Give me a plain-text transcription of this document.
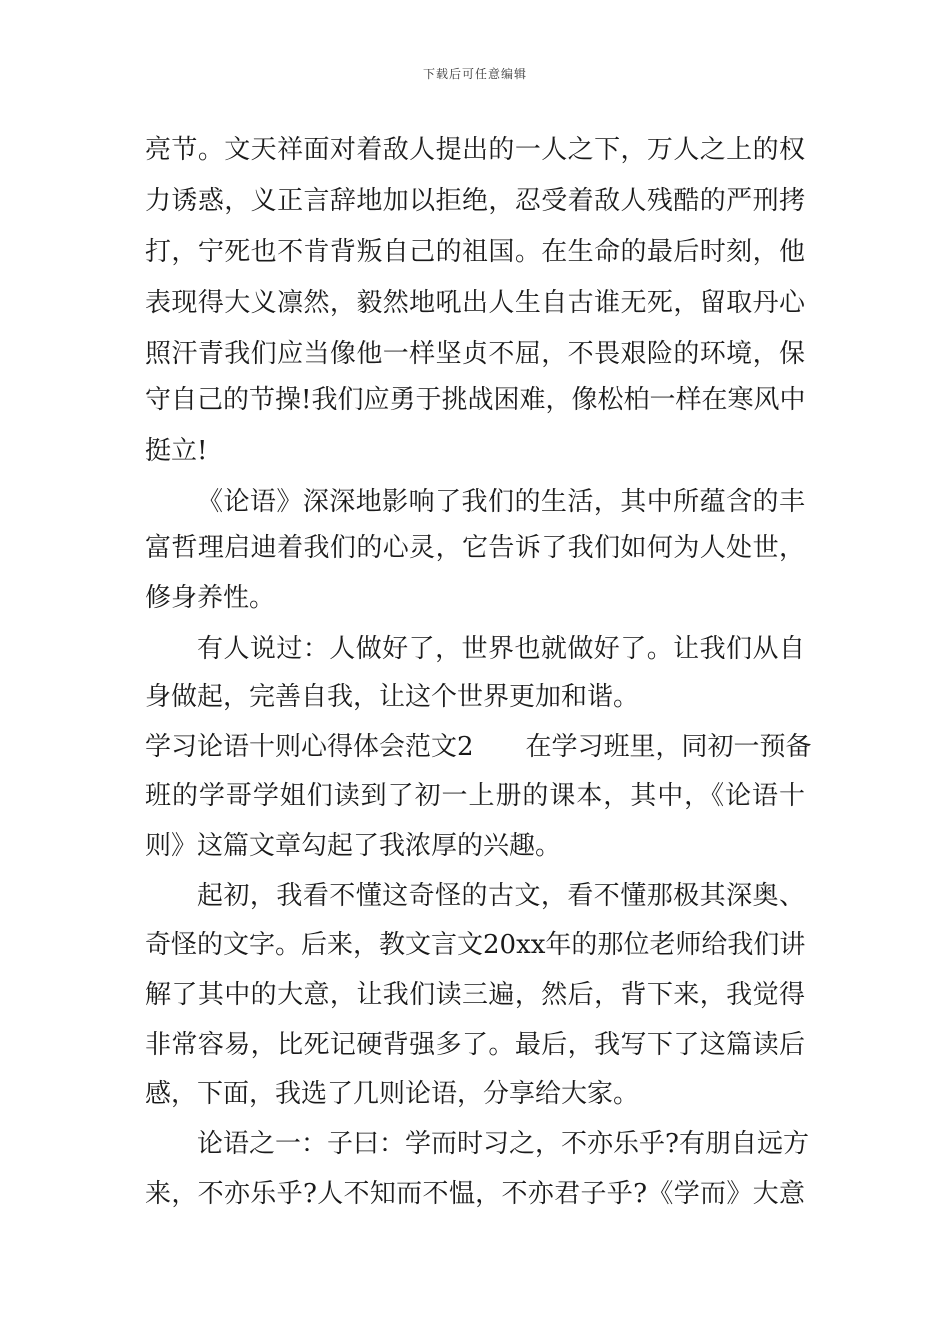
下载后可任意编辑
亮节。文天祥面对着敌人提出的一人之下，万人之上的权
力诱惑，义正言辞地加以拒绝，忍受着敌人残酷的严刑拷
打，宁死也不肯背叛自己的祖国。在生命的最后时刻，他
表现得大义凛然，毅然地吼出人生自古谁无死，留取丹心
照汗青我们应当像他一样坚贞不屈，不畏艰险的环境，保
守自己的节操!我们应勇于挑战困难，像松柏一样在寒风中
挺立!
《论语》深深地影响了我们的生活，其中所蕴含的丰
富哲理启迪着我们的心灵，它告诉了我们如何为人处世，
修身养性。
有人说过：人做好了，世界也就做好了。让我们从自
身做起，完善自我，让这个世界更加和谐。
学习论语十则心得体会范文2　　在学习班里，同初一预备
班的学哥学姐们读到了初一上册的课本，其中，《论语十
则》这篇文章勾起了我浓厚的兴趣。
起初，我看不懂这奇怪的古文，看不懂那极其深奥、
奇怪的文字。后来，教文言文20xx年的那位老师给我们讲
解了其中的大意，让我们读三遍，然后，背下来，我觉得
非常容易，比死记硬背强多了。最后，我写下了这篇读后
感，下面，我选了几则论语，分享给大家。
论语之一：子曰：学而时习之，不亦乐乎?有朋自远方
来，不亦乐乎?人不知而不愠，不亦君子乎?《学而》大意
